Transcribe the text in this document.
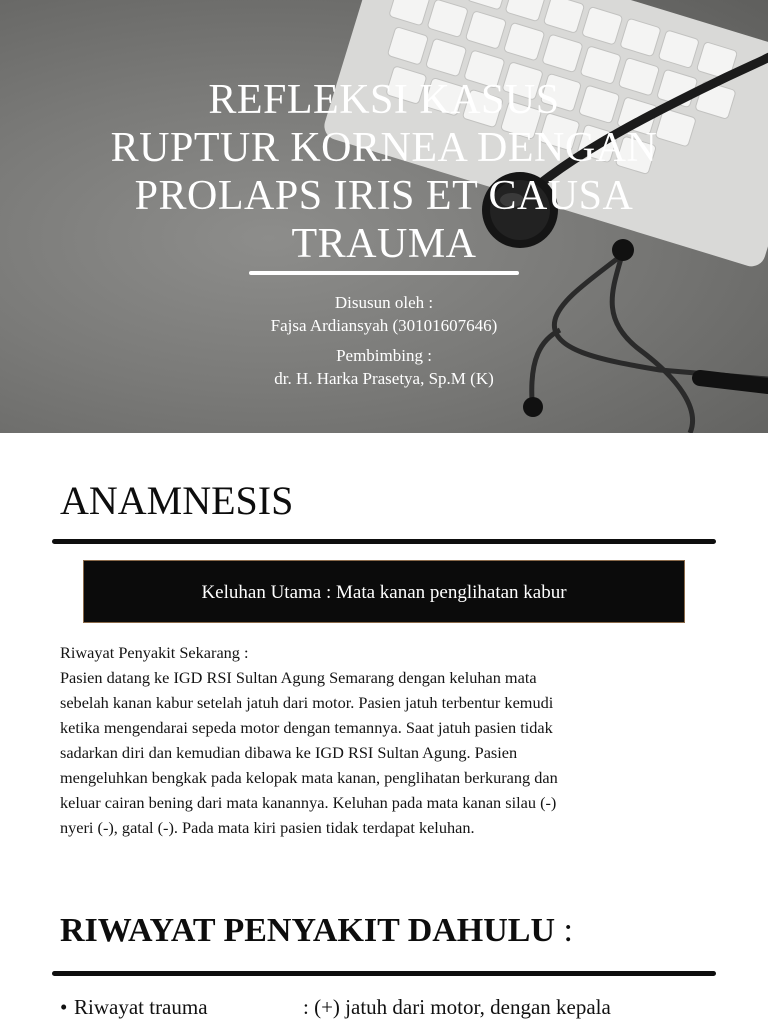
REFLEKSI KASUS
RUPTUR KORNEA DENGAN
PROLAPS IRIS ET CAUSA
TRAUMA
Disusun oleh :
Fajsa Ardiansyah (30101607646)
Pembimbing :
dr. H. Harka Prasetya, Sp.M (K)
ANAMNESIS
Keluhan Utama : Mata kanan penglihatan kabur

Riwayat Penyakit Sekarang :

Pasien datang ke IGD RSI Sultan Agung Semarang dengan keluhan mata

sebelah kanan kabur setelah jatuh dari motor. Pasien jatuh terbentur kemudi

ketika mengendarai sepeda motor dengan temannya. Saat jatuh pasien tidak

sadarkan diri dan kemudian dibawa ke IGD RSI Sultan Agung. Pasien

mengeluhkan bengkak pada kelopak mata kanan, penglihatan berkurang dan

keluar cairan bening dari mata kanannya. Keluhan pada mata kanan silau (-)

nyeri (-), gatal (-). Pada mata kiri pasien tidak terdapat keluhan.

RIWAYAT PENYAKIT DAHULU :
• Riwayat trauma	: (+) jatuh dari motor, dengan kepala
